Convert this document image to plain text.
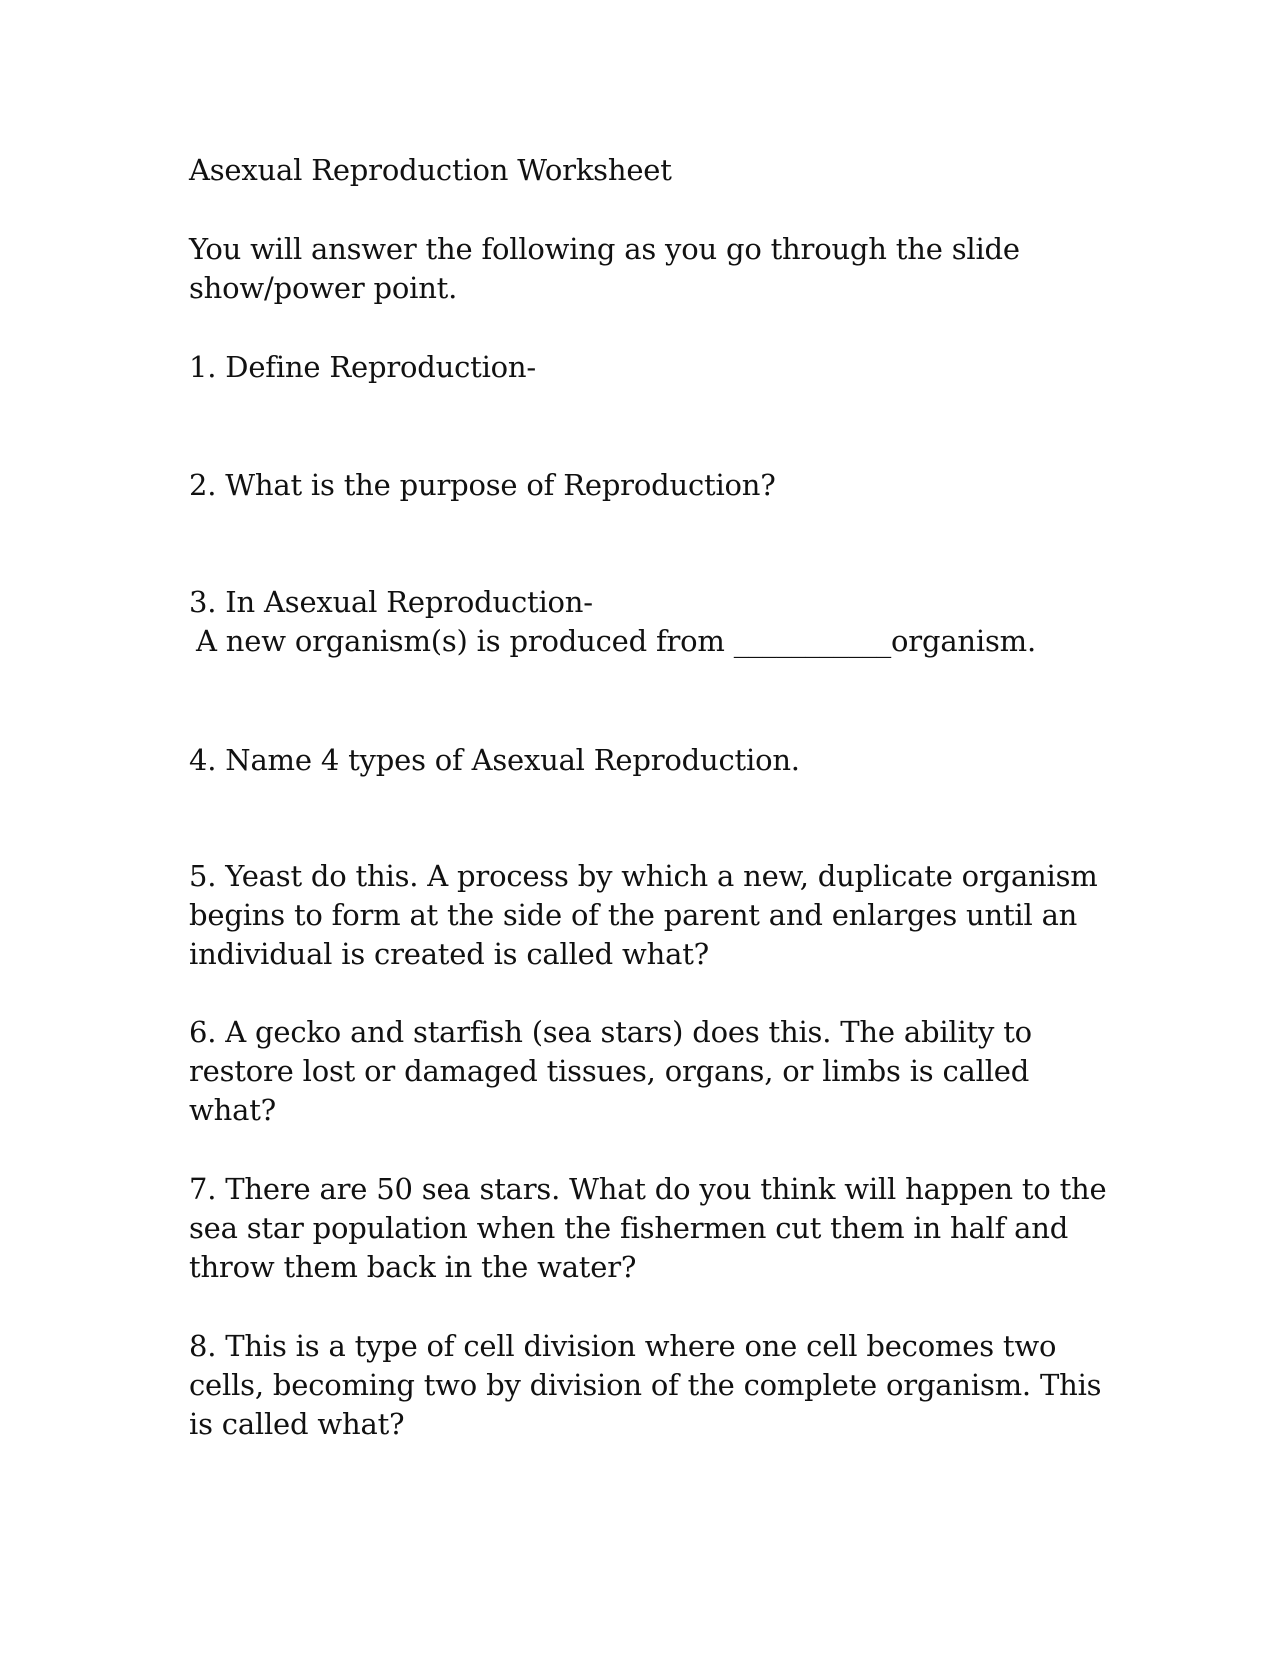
Asexual Reproduction Worksheet
You will answer the following as you go through the slide
show/power point.
1. Define Reproduction-
2. What is the purpose of Reproduction?
3. In Asexual Reproduction-
A new organism(s) is produced from ___________organism.
4. Name 4 types of Asexual Reproduction.
5. Yeast do this. A process by which a new, duplicate organism
begins to form at the side of the parent and enlarges until an
individual is created is called what?
6. A gecko and starfish (sea stars) does this. The ability to
restore lost or damaged tissues, organs, or limbs is called
what?
7. There are 50 sea stars. What do you think will happen to the
sea star population when the fishermen cut them in half and
throw them back in the water?
8. This is a type of cell division where one cell becomes two
cells, becoming two by division of the complete organism. This
is called what?
